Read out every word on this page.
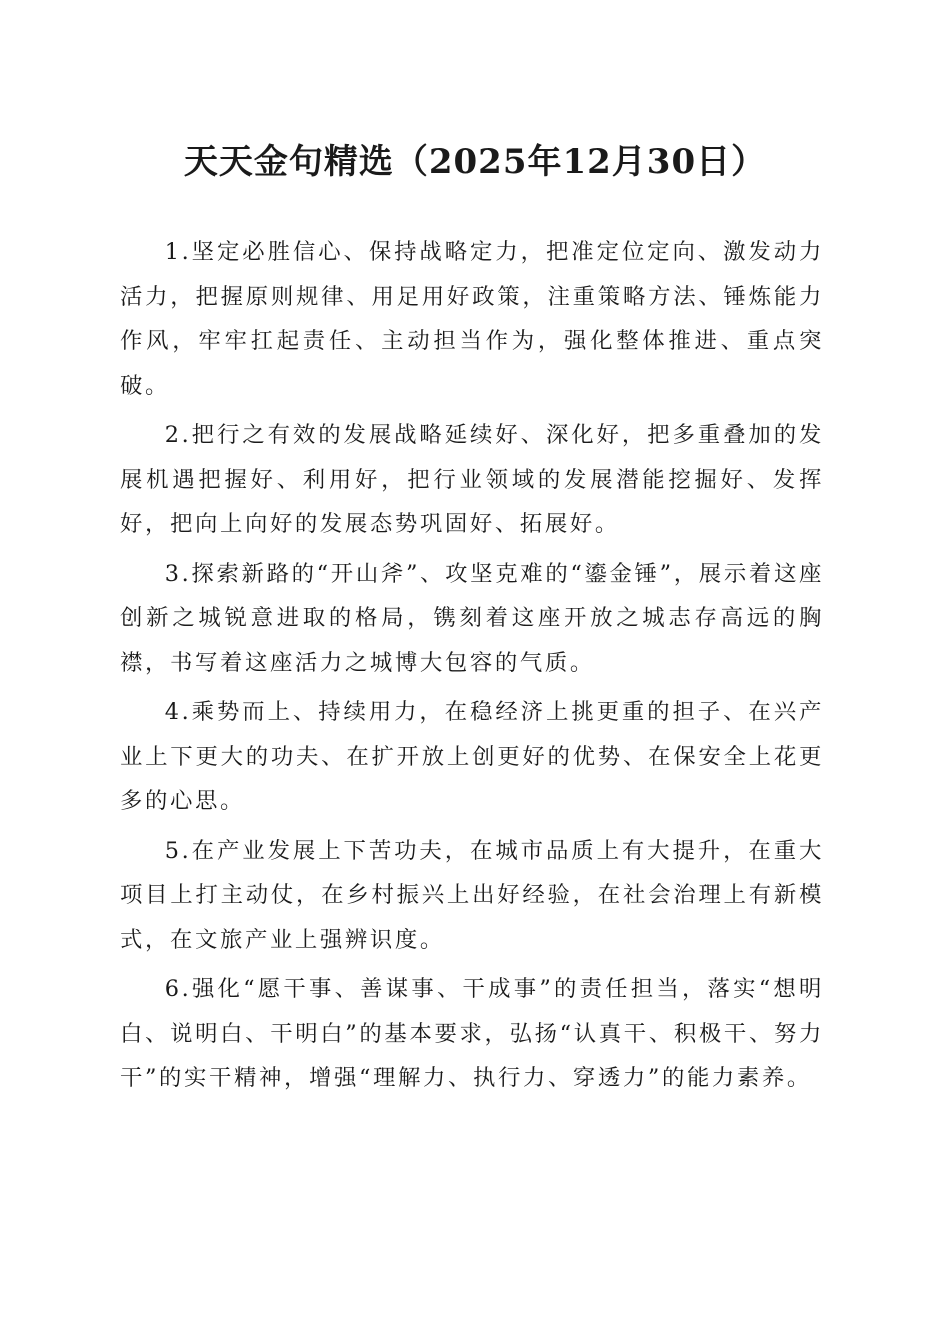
天天金句精选（2025年12月30日）

1.坚定必胜信心、保持战略定力，把准定位定向、激发动力活力，把握原则规律、用足用好政策，注重策略方法、锤炼能力作风，牢牢扛起责任、主动担当作为，强化整体推进、重点突破。

2.把行之有效的发展战略延续好、深化好，把多重叠加的发展机遇把握好、利用好，把行业领域的发展潜能挖掘好、发挥好，把向上向好的发展态势巩固好、拓展好。

3.探索新路的“开山斧”、攻坚克难的“鎏金锤”，展示着这座创新之城锐意进取的格局，镌刻着这座开放之城志存高远的胸襟，书写着这座活力之城博大包容的气质。

4.乘势而上、持续用力，在稳经济上挑更重的担子、在兴产业上下更大的功夫、在扩开放上创更好的优势、在保安全上花更多的心思。

5.在产业发展上下苦功夫，在城市品质上有大提升，在重大项目上打主动仗，在乡村振兴上出好经验，在社会治理上有新模式，在文旅产业上强辨识度。

6.强化“愿干事、善谋事、干成事”的责任担当，落实“想明白、说明白、干明白”的基本要求，弘扬“认真干、积极干、努力干”的实干精神，增强“理解力、执行力、穿透力”的能力素养。
